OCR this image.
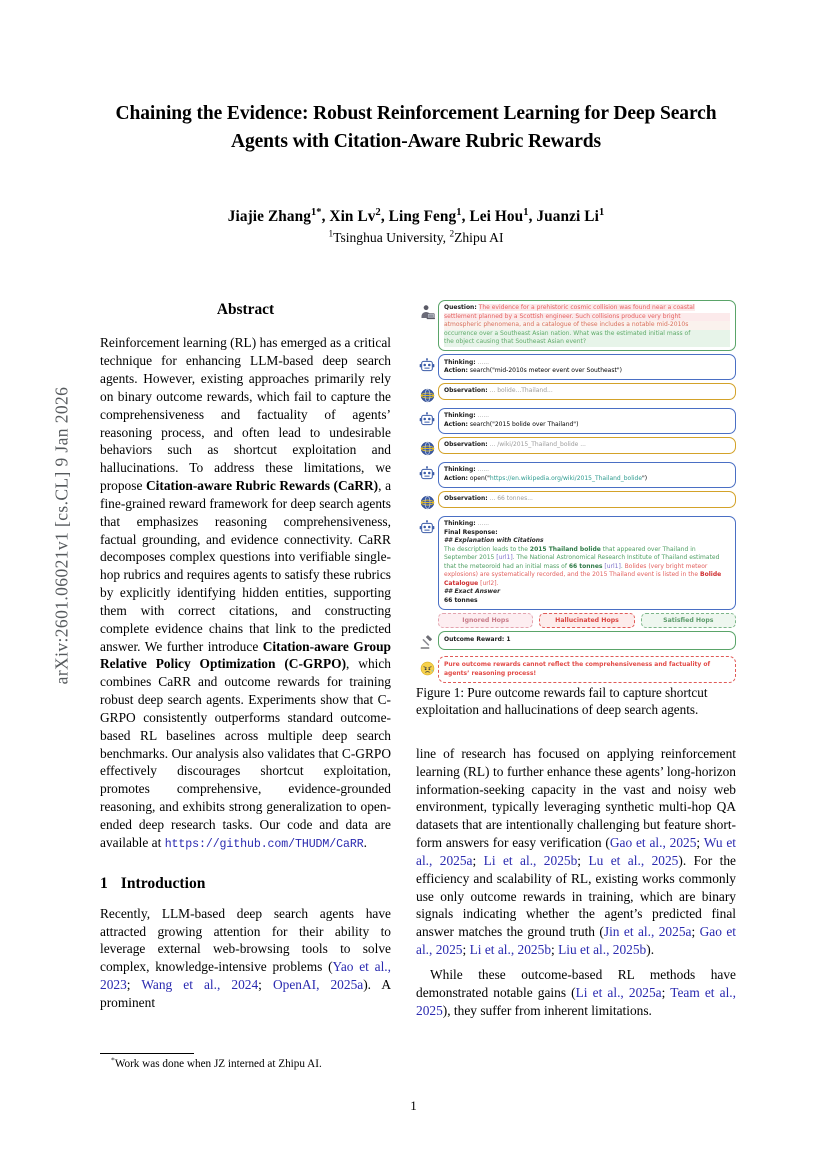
arXiv:2601.06021v1 [cs.CL] 9 Jan 2026
Chaining the Evidence: Robust Reinforcement Learning for Deep Search
Agents with Citation-Aware Rubric Rewards
Jiajie Zhang$^{1*}$, Xin Lv$^2$, Ling Feng$^1$, Lei Hou$^1$, Juanzi Li$^1$
$^1$Tsinghua University, $^2$Zhipu AI
Abstract

Reinforcement learning (RL) has emerged as a critical technique for enhancing LLM-based deep search agents. However, existing approaches primarily rely on binary outcome rewards, which fail to capture the comprehensiveness and factuality of agents’ reasoning process, and often lead to undesirable behaviors such as shortcut exploitation and hallucinations. To address these limitations, we propose Citation-aware Rubric Rewards (CaRR), a fine-grained reward framework for deep search agents that emphasizes reasoning comprehensiveness, factual grounding, and evidence connectivity. CaRR decomposes complex questions into verifiable single-hop rubrics and requires agents to satisfy these rubrics by explicitly identifying hidden entities, supporting them with correct citations, and constructing complete evidence chains that link to the predicted answer. We further introduce Citation-aware Group Relative Policy Optimization (C-GRPO), which combines CaRR and outcome rewards for training robust deep search agents. Experiments show that C-GRPO consistently outperforms standard outcome-based RL baselines across multiple deep search benchmarks. Our analysis also validates that C-GRPO effectively discourages shortcut exploitation, promotes comprehensive, evidence-grounded reasoning, and exhibits strong generalization to open-ended deep research tasks. Our code and data are available at https://github.com/THUDM/CaRR.

1 Introduction

Recently, LLM-based deep search agents have attracted growing attention for their ability to leverage external web-browsing tools to solve complex, knowledge-intensive problems (Yao et al., 2023; Wang et al., 2024; OpenAI, 2025a). A prominent

Question: The evidence for a prehistoric cosmic collision was found near a coastal
settlement planned by a Scottish engineer. Such collisions produce very bright
atmospheric phenomena, and a catalogue of these includes a notable mid-2010s
occurrence over a Southeast Asian nation. What was the estimated initial mass of
the object causing that Southeast Asian event?
Thinking: ......
Action: search("mid-2010s meteor event over Southeast")
Observation: ... bolide...Thailand...
Thinking: ......
Action: search("2015 bolide over Thailand")
Observation: ... /wiki/2015_Thailand_bolide ...
Thinking: ......
Action: open("https://en.wikipedia.org/wiki/2015_Thailand_bolide")
Observation: ... 66 tonnes...
Thinking: ......
Final Response:
## Explanation with Citations
The description leads to the 2015 Thailand bolide that appeared over Thailand in September 2015 [url1]. The National Astronomical Research Institute of Thailand estimated that the meteoroid had an initial mass of 66 tonnes [url1]. Bolides (very bright meteor explosions) are systematically recorded, and the 2015 Thailand event is listed in the Bolide Catalogue [url2].
## Exact Answer
66 tonnes
Ignored Hops	Hallucinated Hops	Satisfied Hops
Outcome Reward: 1
Pure outcome rewards cannot reflect the comprehensiveness and factuality of
agents’ reasoning process!
Figure 1: Pure outcome rewards fail to capture shortcut exploitation and hallucinations of deep search agents.

line of research has focused on applying reinforcement learning (RL) to further enhance these agents’ long-horizon information-seeking capacity in the vast and noisy web environment, typically leveraging synthetic multi-hop QA datasets that are intentionally challenging but feature short-form answers for easy verification (Gao et al., 2025; Wu et al., 2025a; Li et al., 2025b; Lu et al., 2025). For the efficiency and scalability of RL, existing works commonly use only outcome rewards in training, which are binary signals indicating whether the agent’s predicted final answer matches the ground truth (Jin et al., 2025a; Gao et al., 2025; Li et al., 2025b; Liu et al., 2025b).

While these outcome-based RL methods have demonstrated notable gains (Li et al., 2025a; Team et al., 2025), they suffer from inherent limitations.

*Work was done when JZ interned at Zhipu AI.
1
